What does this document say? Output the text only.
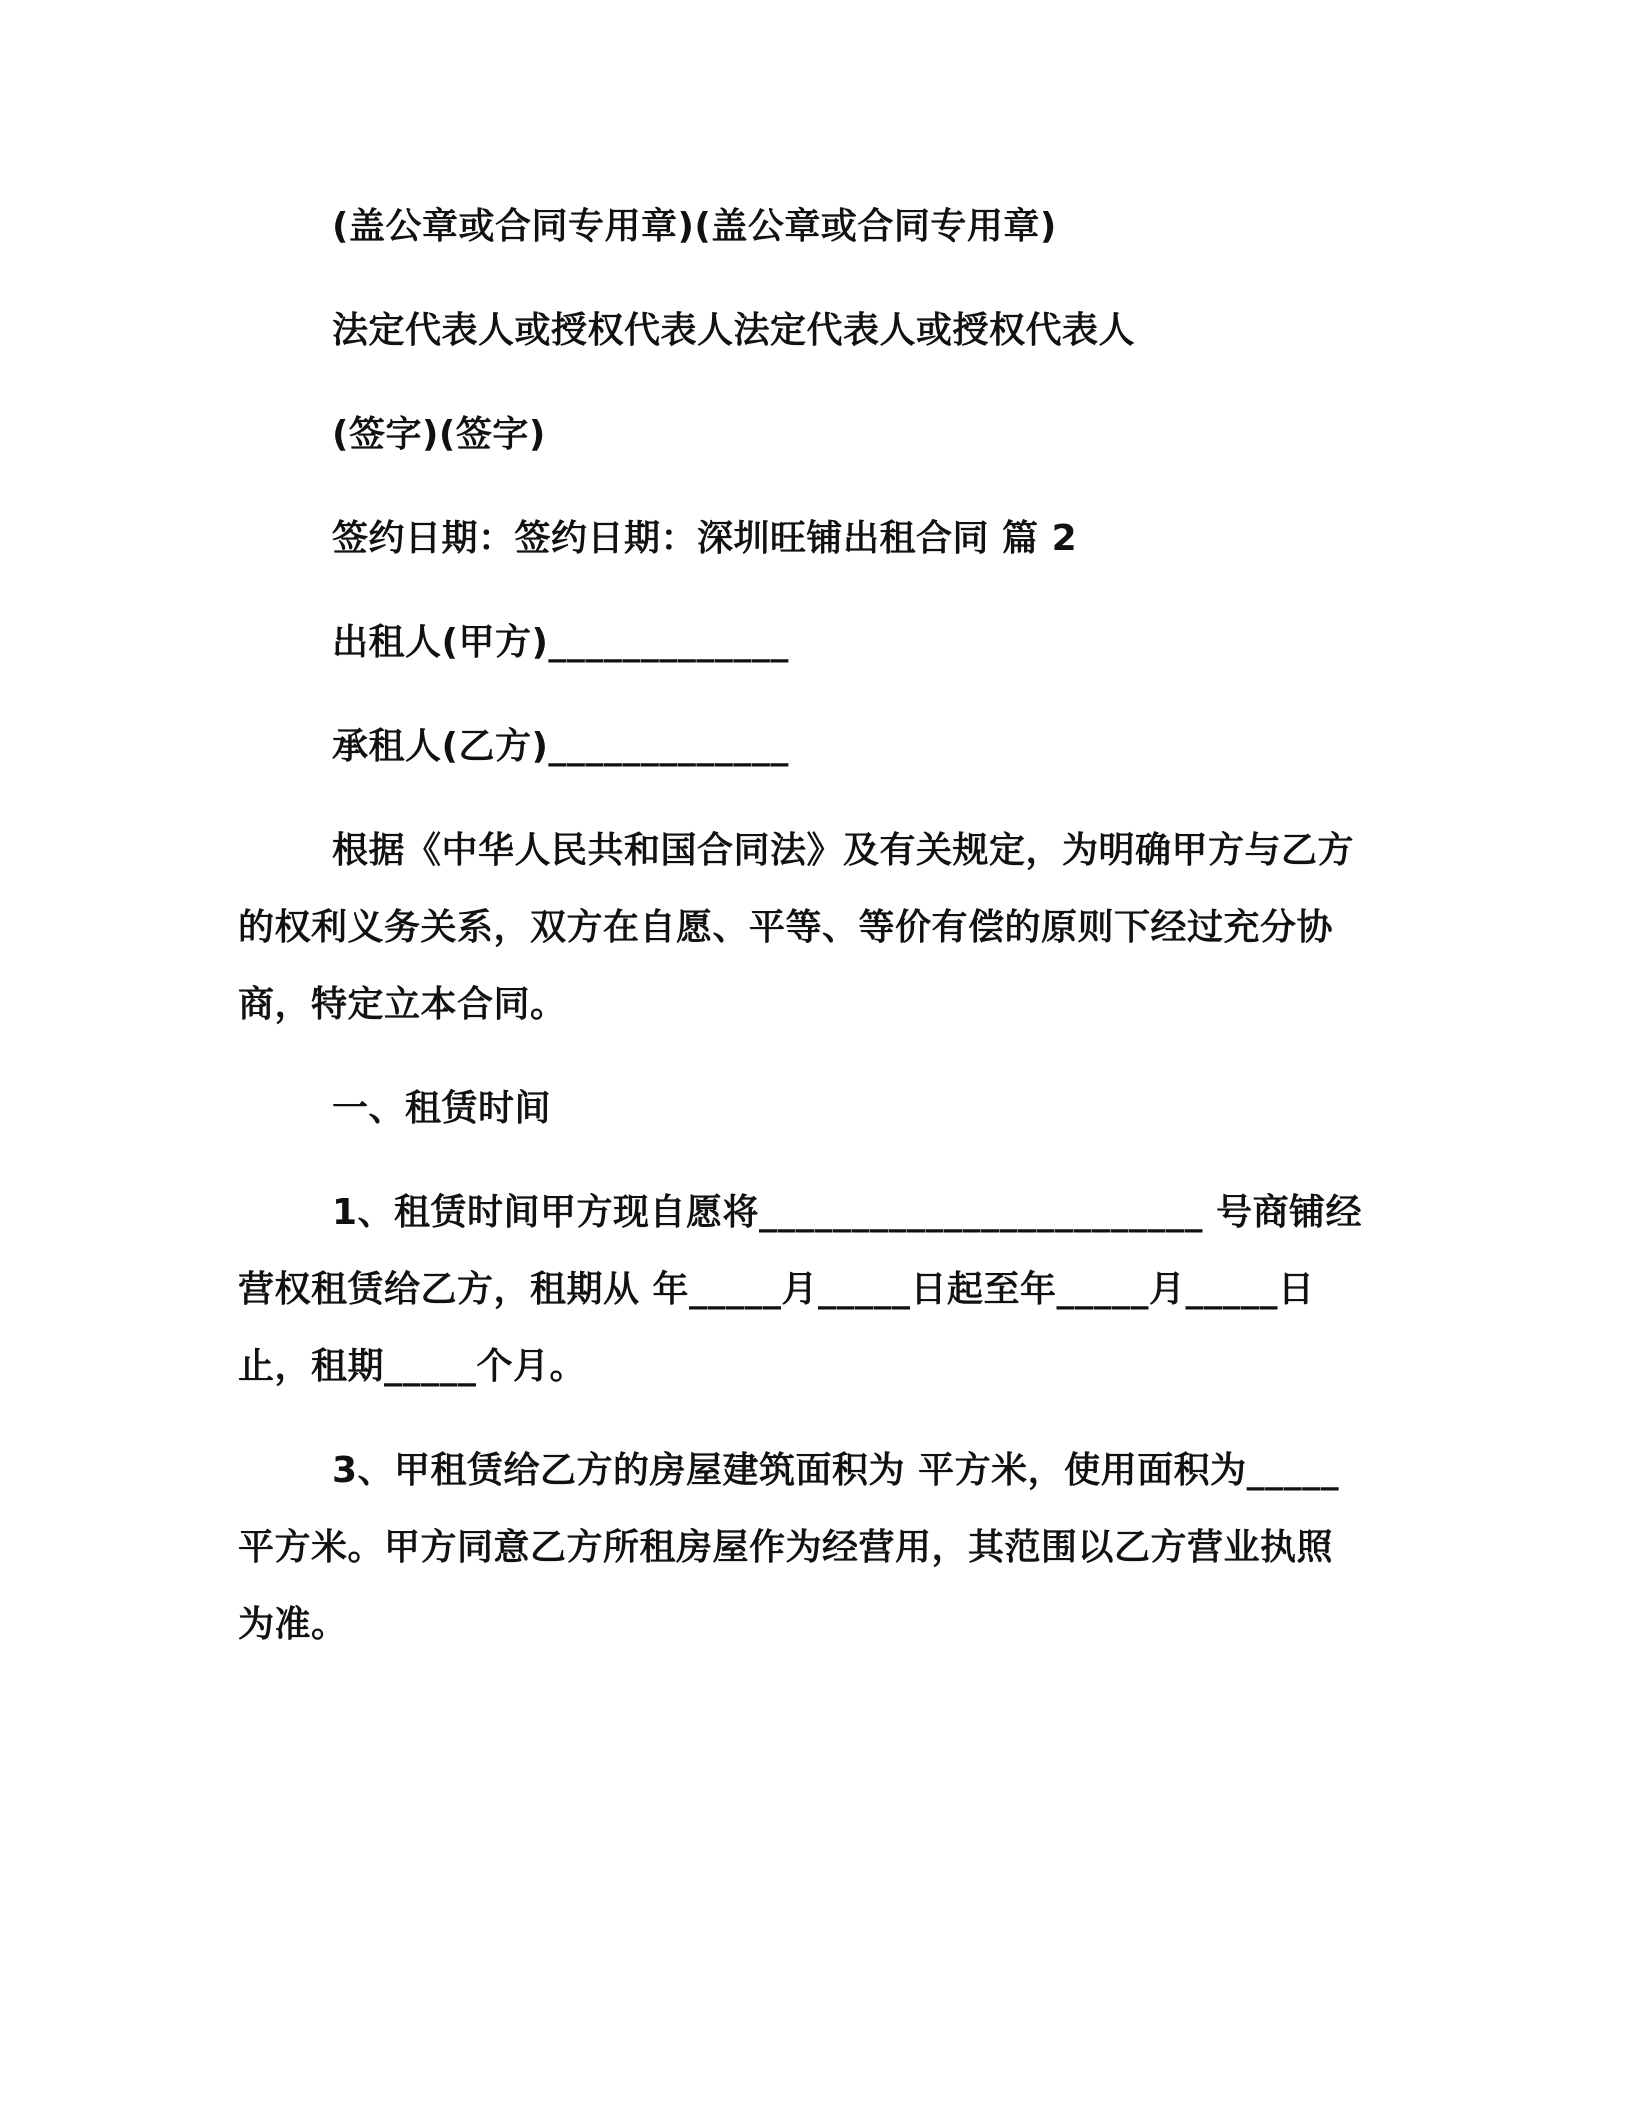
(盖公章或合同专用章)(盖公章或合同专用章)

法定代表人或授权代表人法定代表人或授权代表人

(签字)(签字)

签约日期：签约日期：深圳旺铺出租合同 篇 2

出租人(甲方)_____________

承租人(乙方)_____________

根据《中华人民共和国合同法》及有关规定，为明确甲方与乙方

的权利义务关系，双方在自愿、平等、等价有偿的原则下经过充分协

商，特定立本合同。

一、租赁时间

1、租赁时间甲方现自愿将________________________ 号商铺经

营权租赁给乙方，租期从 年_____月_____日起至年_____月_____日

止，租期_____个月。

3、甲租赁给乙方的房屋建筑面积为 平方米，使用面积为_____

平方米。甲方同意乙方所租房屋作为经营用，其范围以乙方营业执照

为准。
